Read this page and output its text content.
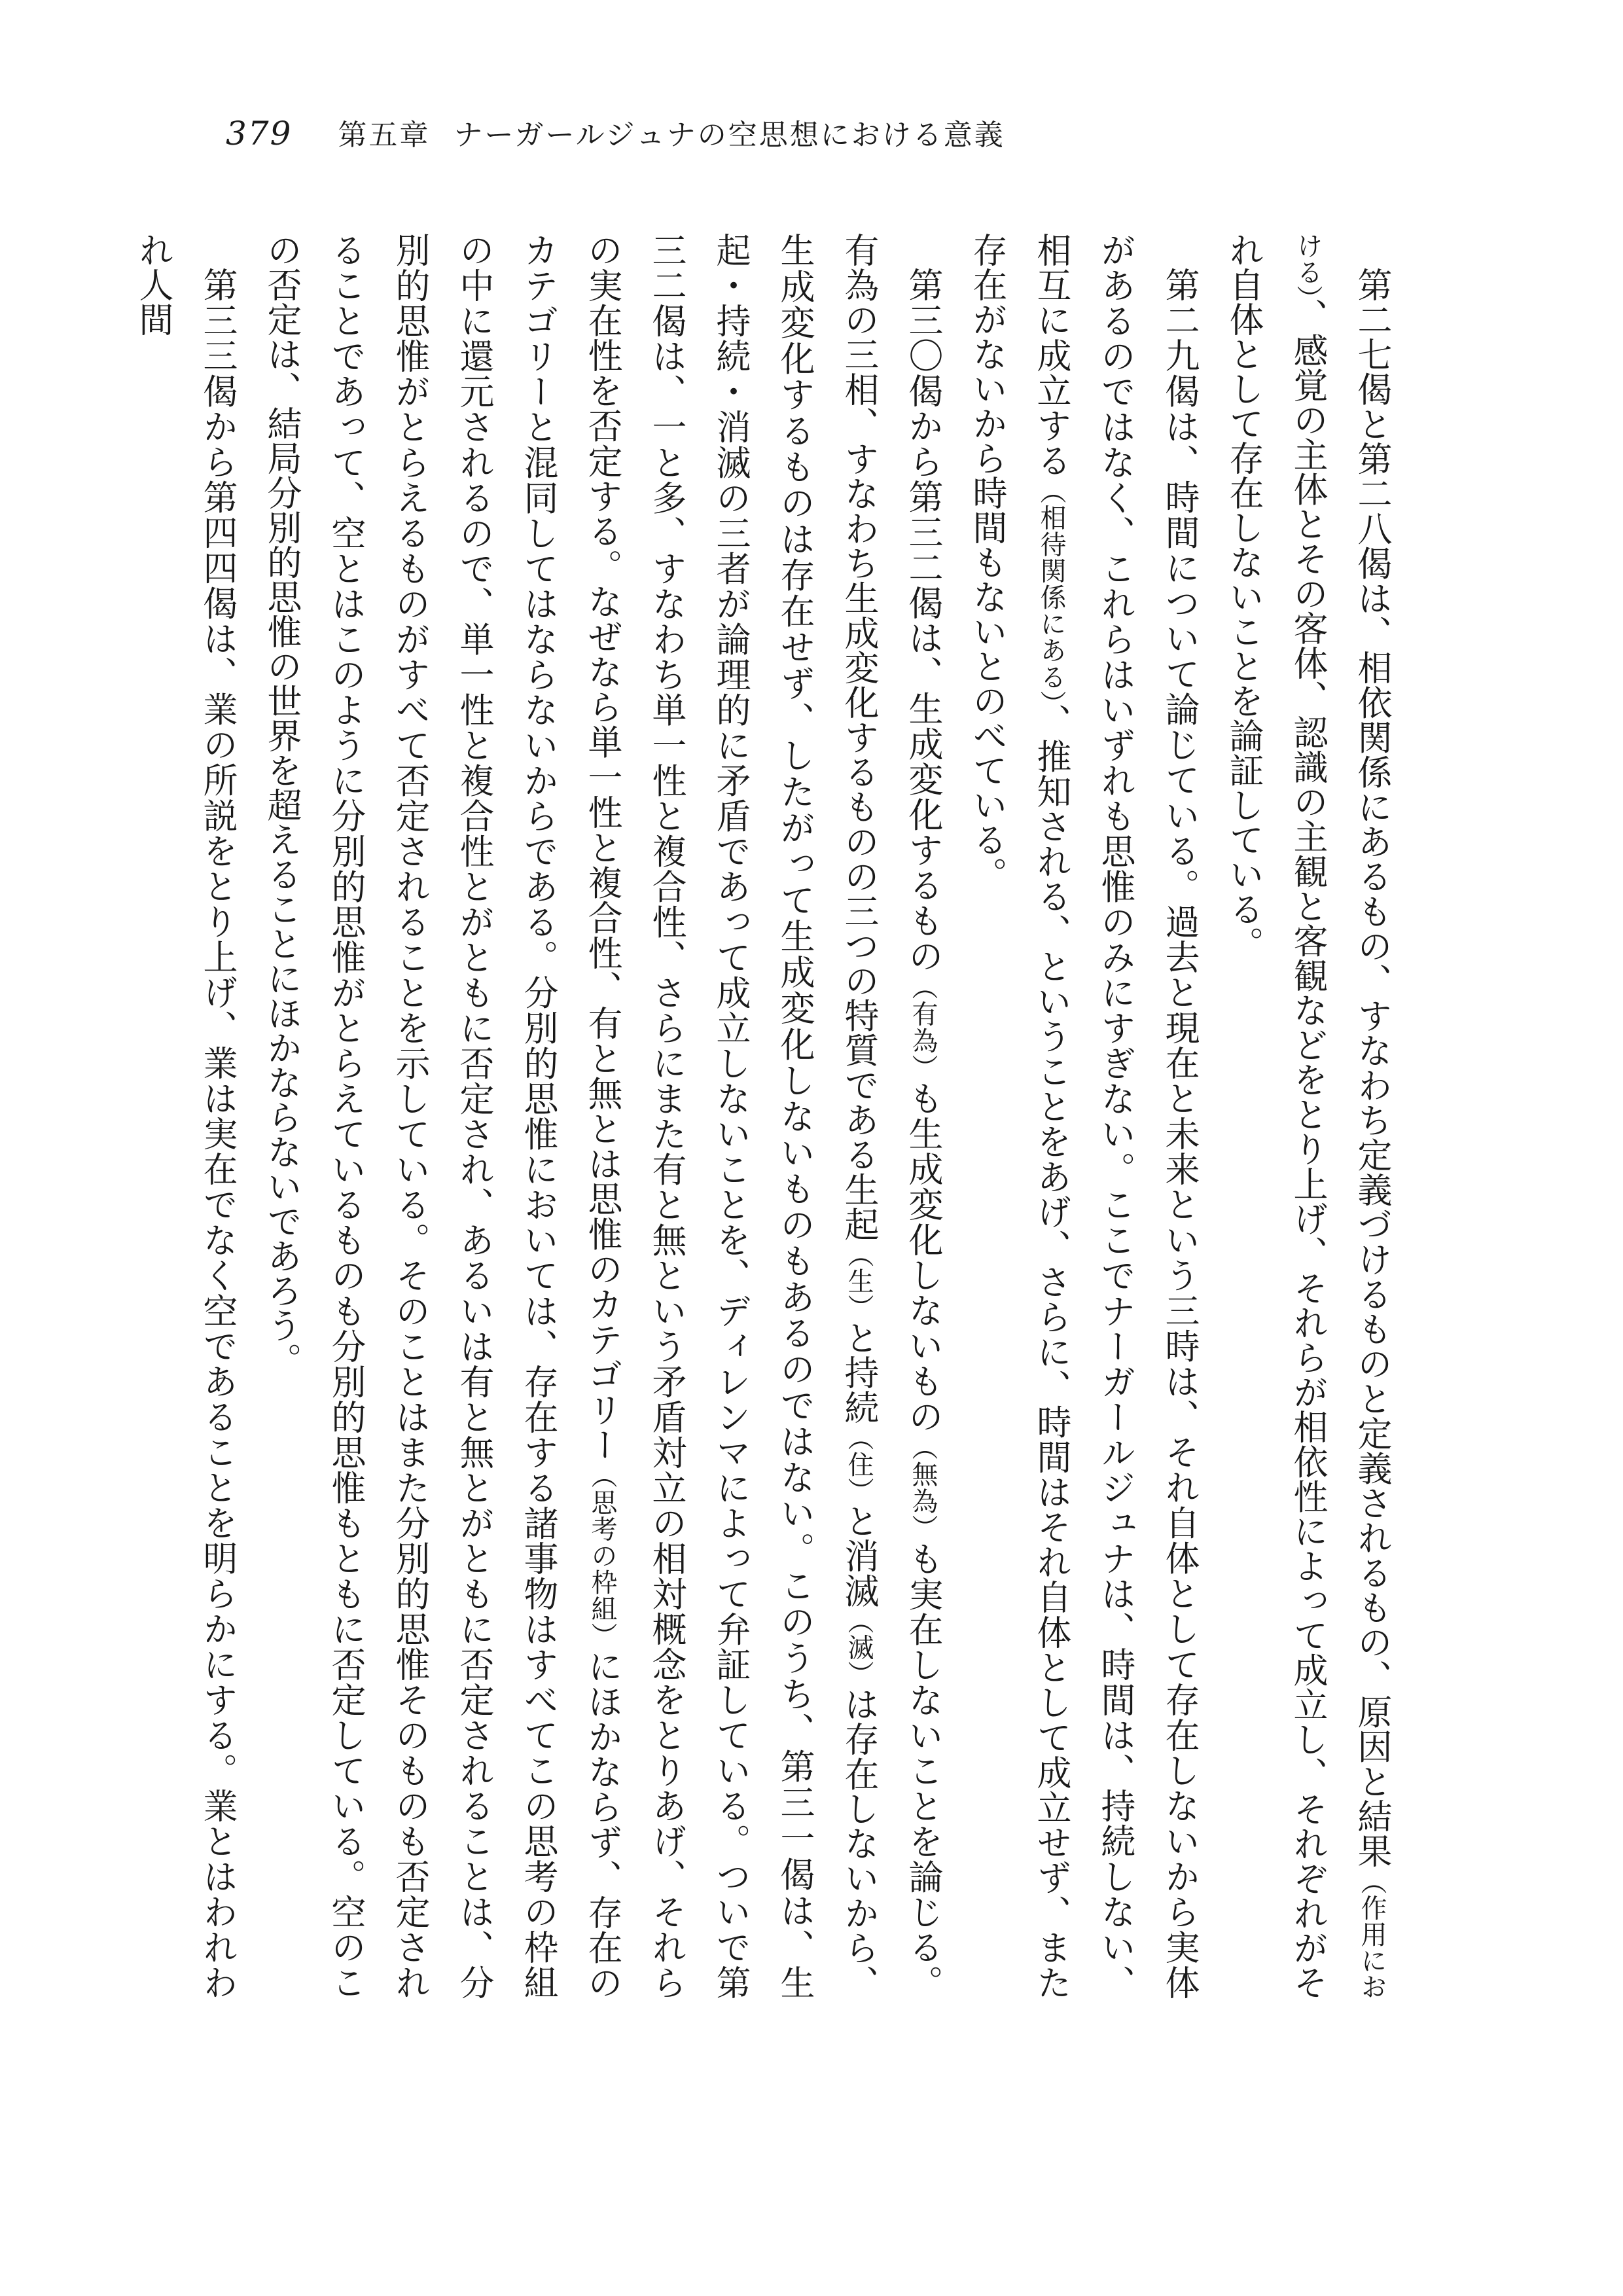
379 第五章 ナーガールジュナの空思想における意義

第二七偈と第二八偈は、相依関係にあるもの、すなわち定義づけるものと定義されるもの、原因と結果（作用における）、感覚の主体とその客体、認識の主観と客観などをとり上げ、それらが相依性によって成立し、それぞれがそれ自体として存在しないことを論証している。

第二九偈は、時間について論じている。過去と現在と未来という三時は、それ自体として存在しないから実体があるのではなく、これらはいずれも思惟のみにすぎない。ここでナーガールジュナは、時間は、持続しない、相互に成立する（相待関係にある）、推知される、ということをあげ、さらに、時間はそれ自体として成立せず、また存在がないから時間もないとのべている。

第三〇偈から第三二偈は、生成変化するもの（有為）も生成変化しないもの（無為）も実在しないことを論じる。有為の三相、すなわち生成変化するものの三つの特質である生起（生）と持続（住）と消滅（滅）は存在しないから、生成変化するものは存在せず、したがって生成変化しないものもあるのではない。このうち、第三一偈は、生起・持続・消滅の三者が論理的に矛盾であって成立しないことを、ディレンマによって弁証している。ついで第三二偈は、一と多、すなわち単一性と複合性、さらにまた有と無という矛盾対立の相対概念をとりあげ、それらの実在性を否定する。なぜなら単一性と複合性、有と無とは思惟のカテゴリー（思考の枠組）にほかならず、存在のカテゴリーと混同してはならないからである。分別的思惟においては、存在する諸事物はすべてこの思考の枠組の中に還元されるので、単一性と複合性とがともに否定され、あるいは有と無とがともに否定されることは、分別的思惟がとらえるものがすべて否定されることを示している。そのことはまた分別的思惟そのものも否定されることであって、空とはこのように分別的思惟がとらえているものも分別的思惟もともに否定している。空のこの否定は、結局分別的思惟の世界を超えることにほかならないであろう。

第三三偈から第四四偈は、業の所説をとり上げ、業は実在でなく空であることを明らかにする。業とはわれわれ人間
